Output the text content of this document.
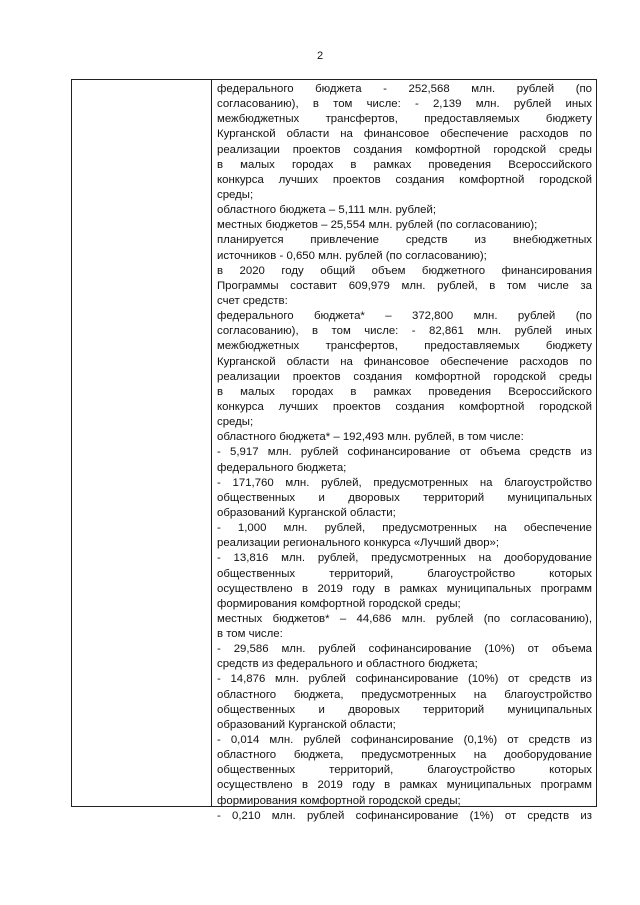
2
федерального бюджета - 252,568 млн. рублей (по
согласованию), в том числе: - 2,139 млн. рублей иных
межбюджетных трансфертов, предоставляемых бюджету
Курганской области на финансовое обеспечение расходов по
реализации проектов создания комфортной городской среды
в малых городах в рамках проведения Всероссийского
конкурса лучших проектов создания комфортной городской
среды;
областного бюджета – 5,111 млн. рублей;
местных бюджетов – 25,554 млн. рублей (по согласованию);
планируется привлечение средств из внебюджетных
источников - 0,650 млн. рублей (по согласованию);
в 2020 году общий объем бюджетного финансирования
Программы составит 609,979 млн. рублей, в том числе за
счет средств:
федерального бюджета* – 372,800 млн. рублей (по
согласованию), в том числе: - 82,861 млн. рублей иных
межбюджетных трансфертов, предоставляемых бюджету
Курганской области на финансовое обеспечение расходов по
реализации проектов создания комфортной городской среды
в малых городах в рамках проведения Всероссийского
конкурса лучших проектов создания комфортной городской
среды;
областного бюджета* – 192,493 млн. рублей, в том числе:
- 5,917 млн. рублей софинансирование от объема средств из
федерального бюджета;
- 171,760 млн. рублей, предусмотренных на благоустройство
общественных и дворовых территорий муниципальных
образований Курганской области;
- 1,000 млн. рублей, предусмотренных на обеспечение
реализации регионального конкурса «Лучший двор»;
- 13,816 млн. рублей, предусмотренных на дооборудование
общественных территорий, благоустройство которых
осуществлено в 2019 году в рамках муниципальных программ
формирования комфортной городской среды;
местных бюджетов* – 44,686 млн. рублей (по согласованию),
в том числе:
- 29,586 млн. рублей софинансирование (10%) от объема
средств из федерального и областного бюджета;
- 14,876 млн. рублей софинансирование (10%) от средств из
областного бюджета, предусмотренных на благоустройство
общественных и дворовых территорий муниципальных
образований Курганской области;
- 0,014 млн. рублей софинансирование (0,1%) от средств из
областного бюджета, предусмотренных на дооборудование
общественных территорий, благоустройство которых
осуществлено в 2019 году в рамках муниципальных программ
формирования комфортной городской среды;
- 0,210 млн. рублей софинансирование (1%) от средств из
